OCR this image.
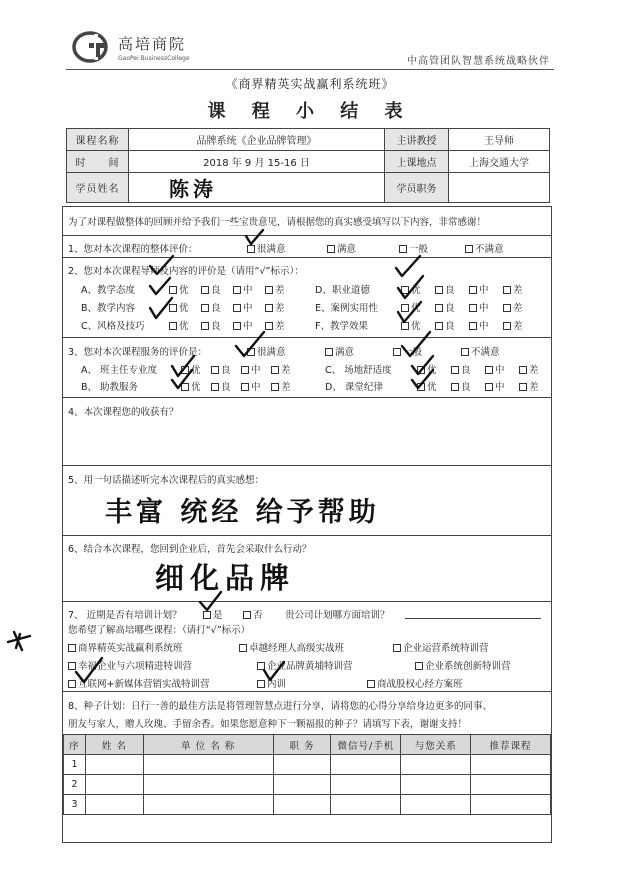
高培商院
GaoPei BusinessCollege	中高管团队智慧系统战略伙伴
《商界精英实战赢利系统班》
课 程 小 结 表
课程名称	品牌系统《企业品牌管理》	主讲教授	王导师
时　　间	2018 年 9 月 15-16 日	上课地点	上海交通大学
学员姓名	陈涛	学员职务	
为了对课程做整体的回顾并给予我们一些宝贵意见，请根据您的真实感受填写以下内容，非常感谢！
1、您对本次课程的整体评价：	很满意	满意	一般	不满意
2、您对本次课程导师及内容的评价是（请用“√”标示）：
A、教学态度	优	良	中	差	D、职业道德	优	良	中	差
B、教学内容	优	良	中	差	E、案例实用性	优	良	中	差
C、风格及技巧	优	良	中	差	F、教学效果	优	良	中	差
3、您对本次课程服务的评价是：	很满意	满意	一般	不满意
A、 班主任专业度	优	良	中	差	C、 场地舒适度	优	良	中	差
B、 助教服务	优	良	中	差	D、 课堂纪律	优	良	中	差
4、本次课程您的收获有？
5、用一句话描述听完本次课程后的真实感想：
丰富 统经 给予帮助
6、结合本次课程，您回到企业后，首先会采取什么行动？
细化品牌
7、 近期是否有培训计划？	是	否 贵公司计划哪方面培训？
您希望了解高培哪些课程：（请打“√”标示）
商界精英实战赢利系统班	卓越经理人高级实战班	企业运营系统特训营
幸福企业与六项精进特训营	企业品牌黄埔特训营	企业系统创新特训营
互联网+新媒体营销实战特训营	内训	商战股权心经方案班
8、种子计划：日行一善的最佳方法是将管理智慧点进行分享，请将您的心得分享给身边更多的同事、
朋友与家人，赠人玫瑰、手留余香。如果您愿意种下一颗福报的种子？请填写下表，谢谢支持！
序	姓 名	单 位 名 称	职 务	微信号/手机	与您关系	推荐课程
1						
2						
3						
